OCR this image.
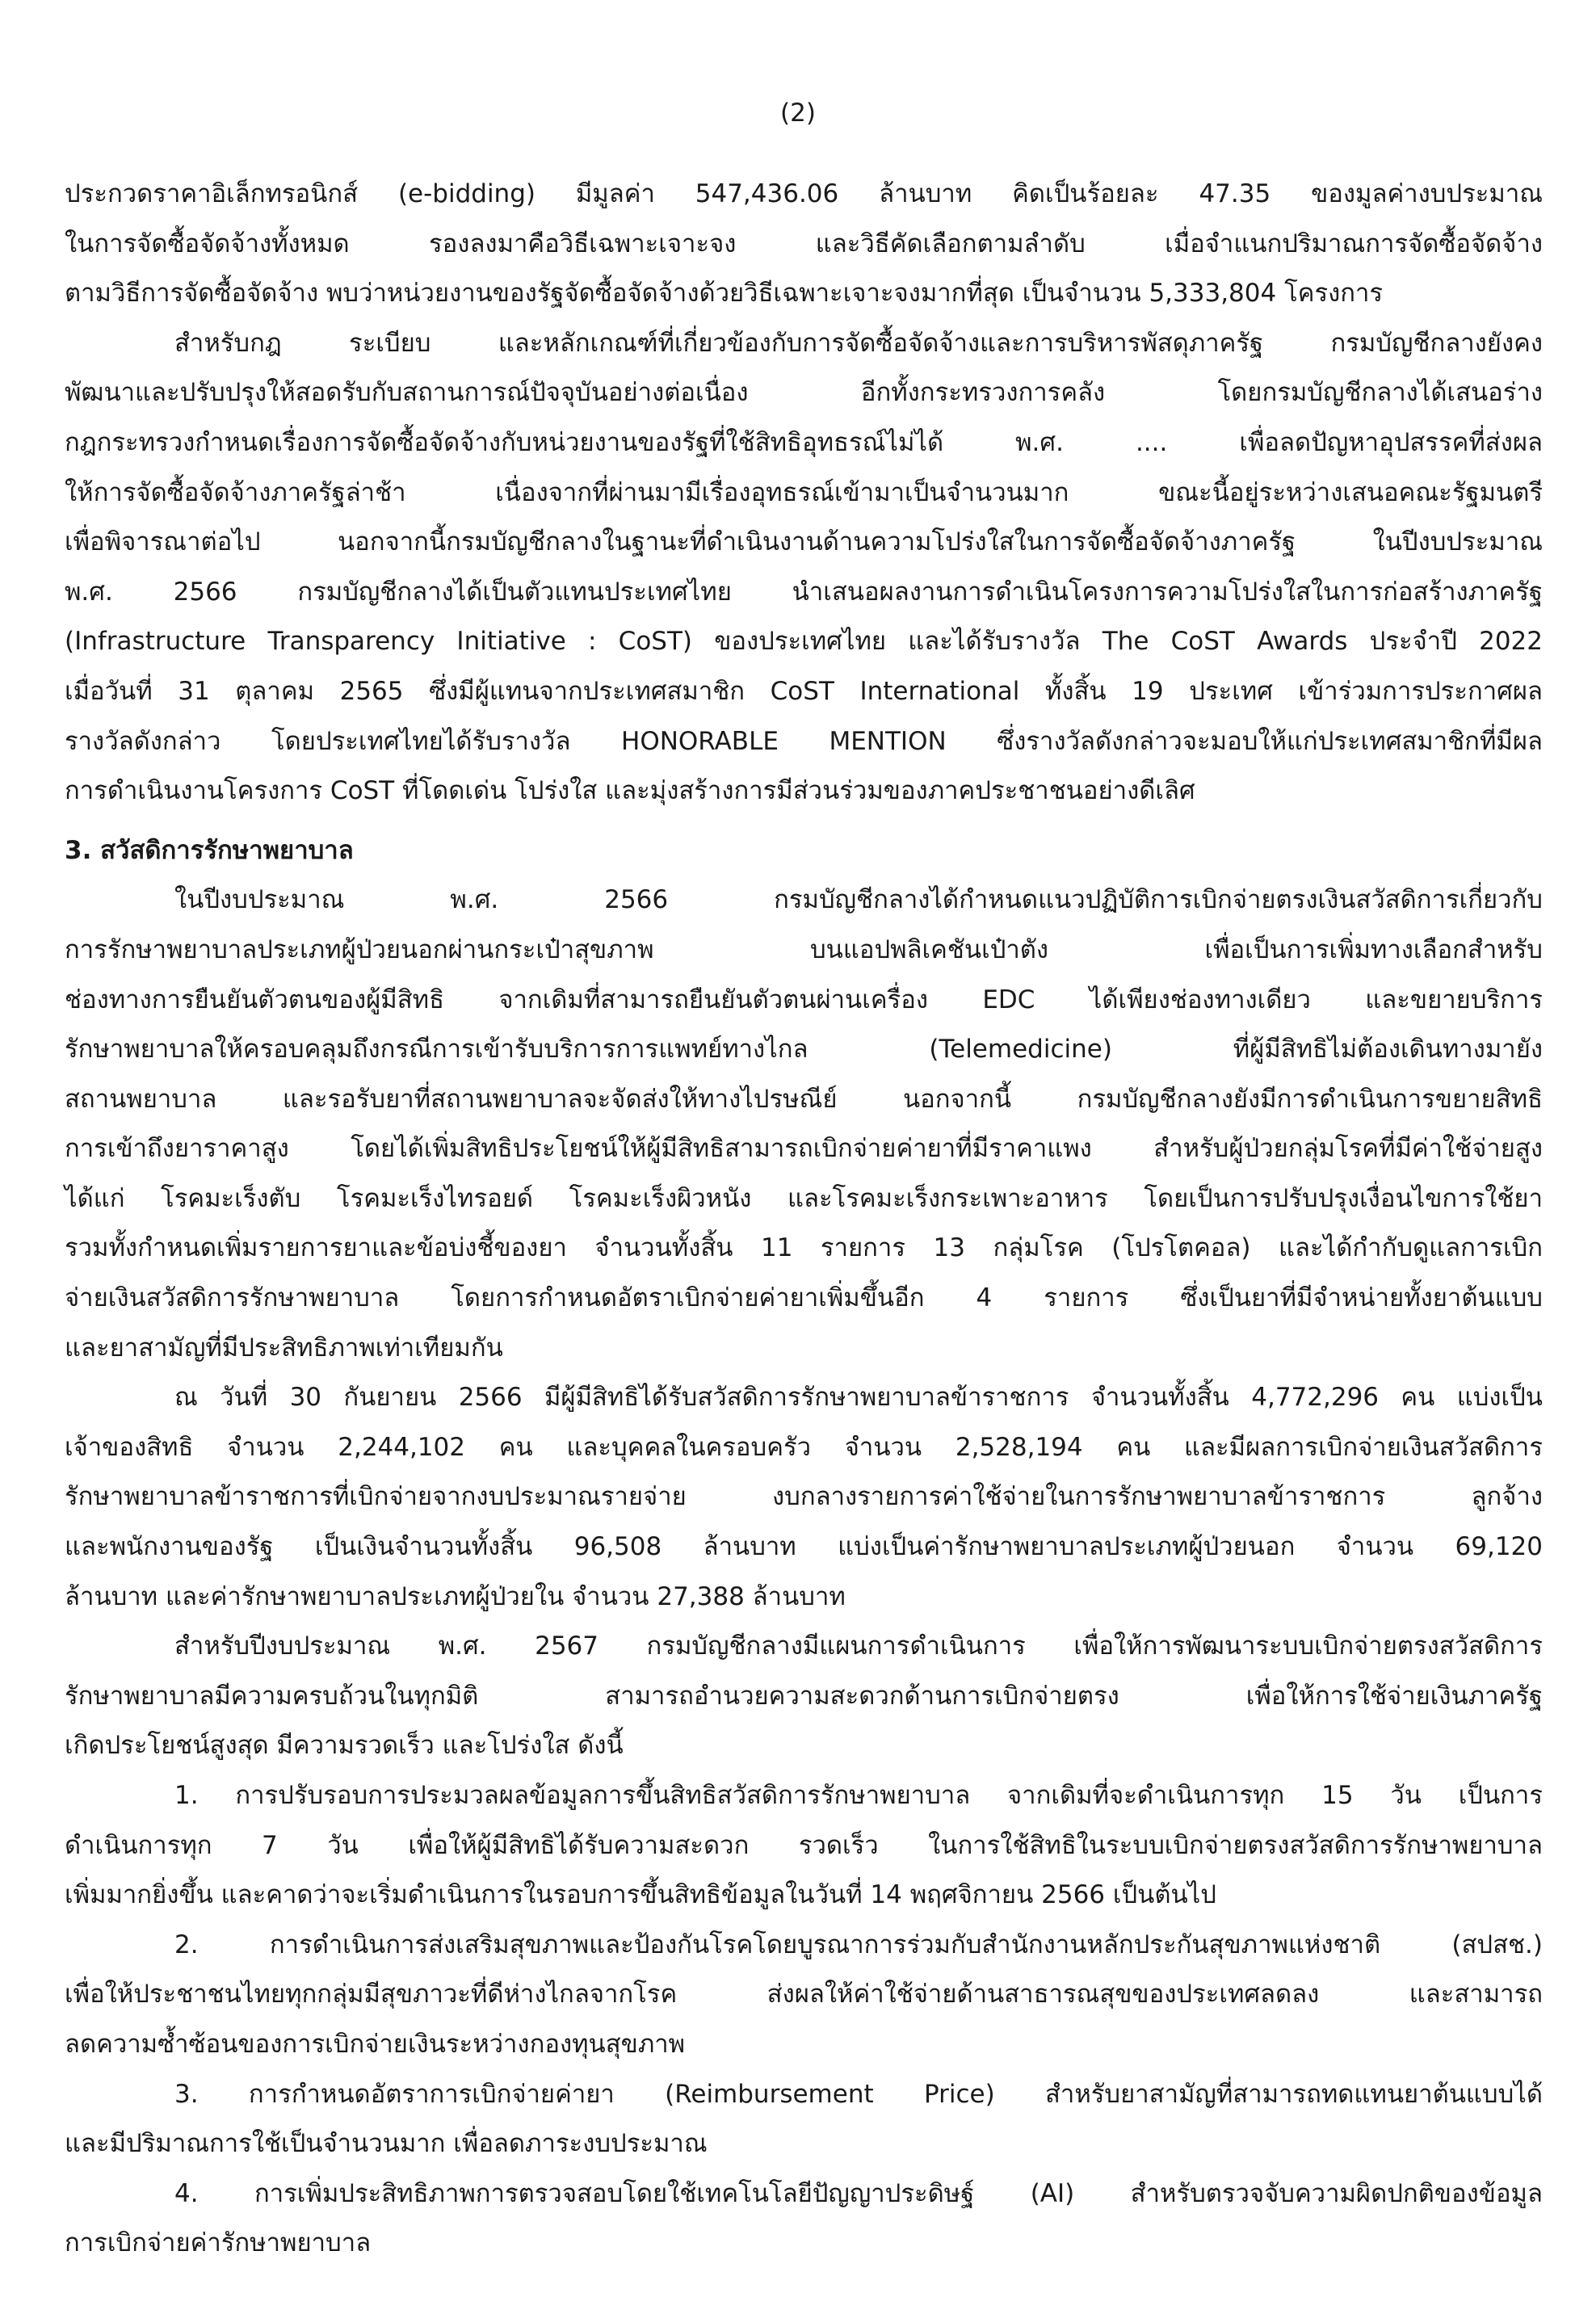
(2)
ประกวดราคาอิเล็กทรอนิกส์ (e-bidding) มีมูลค่า 547,436.06 ล้านบาท คิดเป็นร้อยละ 47.35 ของมูลค่างบประมาณ
ในการจัดซื้อจัดจ้างทั้งหมด รองลงมาคือวิธีเฉพาะเจาะจง และวิธีคัดเลือกตามลำดับ เมื่อจำแนกปริมาณการจัดซื้อจัดจ้าง
ตามวิธีการจัดซื้อจัดจ้าง พบว่าหน่วยงานของรัฐจัดซื้อจัดจ้างด้วยวิธีเฉพาะเจาะจงมากที่สุด เป็นจำนวน 5,333,804 โครงการ
สำหรับกฎ ระเบียบ และหลักเกณฑ์ที่เกี่ยวข้องกับการจัดซื้อจัดจ้างและการบริหารพัสดุภาครัฐ กรมบัญชีกลางยังคง
พัฒนาและปรับปรุงให้สอดรับกับสถานการณ์ปัจจุบันอย่างต่อเนื่อง อีกทั้งกระทรวงการคลัง โดยกรมบัญชีกลางได้เสนอร่าง
กฎกระทรวงกำหนดเรื่องการจัดซื้อจัดจ้างกับหน่วยงานของรัฐที่ใช้สิทธิอุทธรณ์ไม่ได้ พ.ศ. .... เพื่อลดปัญหาอุปสรรคที่ส่งผล
ให้การจัดซื้อจัดจ้างภาครัฐล่าช้า เนื่องจากที่ผ่านมามีเรื่องอุทธรณ์เข้ามาเป็นจำนวนมาก ขณะนี้อยู่ระหว่างเสนอคณะรัฐมนตรี
เพื่อพิจารณาต่อไป นอกจากนี้กรมบัญชีกลางในฐานะที่ดำเนินงานด้านความโปร่งใสในการจัดซื้อจัดจ้างภาครัฐ ในปีงบประมาณ
พ.ศ. 2566 กรมบัญชีกลางได้เป็นตัวแทนประเทศไทย นำเสนอผลงานการดำเนินโครงการความโปร่งใสในการก่อสร้างภาครัฐ
(Infrastructure Transparency Initiative : CoST) ของประเทศไทย และได้รับรางวัล The CoST Awards ประจำปี 2022
เมื่อวันที่ 31 ตุลาคม 2565 ซึ่งมีผู้แทนจากประเทศสมาชิก CoST International ทั้งสิ้น 19 ประเทศ เข้าร่วมการประกาศผล
รางวัลดังกล่าว โดยประเทศไทยได้รับรางวัล HONORABLE MENTION ซึ่งรางวัลดังกล่าวจะมอบให้แก่ประเทศสมาชิกที่มีผล
การดำเนินงานโครงการ CoST ที่โดดเด่น โปร่งใส และมุ่งสร้างการมีส่วนร่วมของภาคประชาชนอย่างดีเลิศ
3. สวัสดิการรักษาพยาบาล
ในปีงบประมาณ พ.ศ. 2566 กรมบัญชีกลางได้กำหนดแนวปฏิบัติการเบิกจ่ายตรงเงินสวัสดิการเกี่ยวกับ
การรักษาพยาบาลประเภทผู้ป่วยนอกผ่านกระเป๋าสุขภาพ บนแอปพลิเคชันเป๋าตัง เพื่อเป็นการเพิ่มทางเลือกสำหรับ
ช่องทางการยืนยันตัวตนของผู้มีสิทธิ จากเดิมที่สามารถยืนยันตัวตนผ่านเครื่อง EDC ได้เพียงช่องทางเดียว และขยายบริการ
รักษาพยาบาลให้ครอบคลุมถึงกรณีการเข้ารับบริการการแพทย์ทางไกล (Telemedicine) ที่ผู้มีสิทธิไม่ต้องเดินทางมายัง
สถานพยาบาล และรอรับยาที่สถานพยาบาลจะจัดส่งให้ทางไปรษณีย์ นอกจากนี้ กรมบัญชีกลางยังมีการดำเนินการขยายสิทธิ
การเข้าถึงยาราคาสูง โดยได้เพิ่มสิทธิประโยชน์ให้ผู้มีสิทธิสามารถเบิกจ่ายค่ายาที่มีราคาแพง สำหรับผู้ป่วยกลุ่มโรคที่มีค่าใช้จ่ายสูง
ได้แก่ โรคมะเร็งตับ โรคมะเร็งไทรอยด์ โรคมะเร็งผิวหนัง และโรคมะเร็งกระเพาะอาหาร โดยเป็นการปรับปรุงเงื่อนไขการใช้ยา
รวมทั้งกำหนดเพิ่มรายการยาและข้อบ่งชี้ของยา จำนวนทั้งสิ้น 11 รายการ 13 กลุ่มโรค (โปรโตคอล) และได้กำกับดูแลการเบิก
จ่ายเงินสวัสดิการรักษาพยาบาล โดยการกำหนดอัตราเบิกจ่ายค่ายาเพิ่มขึ้นอีก 4 รายการ ซึ่งเป็นยาที่มีจำหน่ายทั้งยาต้นแบบ
และยาสามัญที่มีประสิทธิภาพเท่าเทียมกัน
ณ วันที่ 30 กันยายน 2566 มีผู้มีสิทธิได้รับสวัสดิการรักษาพยาบาลข้าราชการ จำนวนทั้งสิ้น 4,772,296 คน แบ่งเป็น
เจ้าของสิทธิ จำนวน 2,244,102 คน และบุคคลในครอบครัว จำนวน 2,528,194 คน และมีผลการเบิกจ่ายเงินสวัสดิการ
รักษาพยาบาลข้าราชการที่เบิกจ่ายจากงบประมาณรายจ่าย งบกลางรายการค่าใช้จ่ายในการรักษาพยาบาลข้าราชการ ลูกจ้าง
และพนักงานของรัฐ เป็นเงินจำนวนทั้งสิ้น 96,508 ล้านบาท แบ่งเป็นค่ารักษาพยาบาลประเภทผู้ป่วยนอก จำนวน 69,120
ล้านบาท และค่ารักษาพยาบาลประเภทผู้ป่วยใน จำนวน 27,388 ล้านบาท
สำหรับปีงบประมาณ พ.ศ. 2567 กรมบัญชีกลางมีแผนการดำเนินการ เพื่อให้การพัฒนาระบบเบิกจ่ายตรงสวัสดิการ
รักษาพยาบาลมีความครบถ้วนในทุกมิติ สามารถอำนวยความสะดวกด้านการเบิกจ่ายตรง เพื่อให้การใช้จ่ายเงินภาครัฐ
เกิดประโยชน์สูงสุด มีความรวดเร็ว และโปร่งใส ดังนี้
1. การปรับรอบการประมวลผลข้อมูลการขึ้นสิทธิสวัสดิการรักษาพยาบาล จากเดิมที่จะดำเนินการทุก 15 วัน เป็นการ
ดำเนินการทุก 7 วัน เพื่อให้ผู้มีสิทธิได้รับความสะดวก รวดเร็ว ในการใช้สิทธิในระบบเบิกจ่ายตรงสวัสดิการรักษาพยาบาล
เพิ่มมากยิ่งขึ้น และคาดว่าจะเริ่มดำเนินการในรอบการขึ้นสิทธิข้อมูลในวันที่ 14 พฤศจิกายน 2566 เป็นต้นไป
2. การดำเนินการส่งเสริมสุขภาพและป้องกันโรคโดยบูรณาการร่วมกับสำนักงานหลักประกันสุขภาพแห่งชาติ (สปสช.)
เพื่อให้ประชาชนไทยทุกกลุ่มมีสุขภาวะที่ดีห่างไกลจากโรค ส่งผลให้ค่าใช้จ่ายด้านสาธารณสุขของประเทศลดลง และสามารถ
ลดความซ้ำซ้อนของการเบิกจ่ายเงินระหว่างกองทุนสุขภาพ
3. การกำหนดอัตราการเบิกจ่ายค่ายา (Reimbursement Price) สำหรับยาสามัญที่สามารถทดแทนยาต้นแบบได้
และมีปริมาณการใช้เป็นจำนวนมาก เพื่อลดภาระงบประมาณ
4. การเพิ่มประสิทธิภาพการตรวจสอบโดยใช้เทคโนโลยีปัญญาประดิษฐ์ (AI) สำหรับตรวจจับความผิดปกติของข้อมูล
การเบิกจ่ายค่ารักษาพยาบาล
